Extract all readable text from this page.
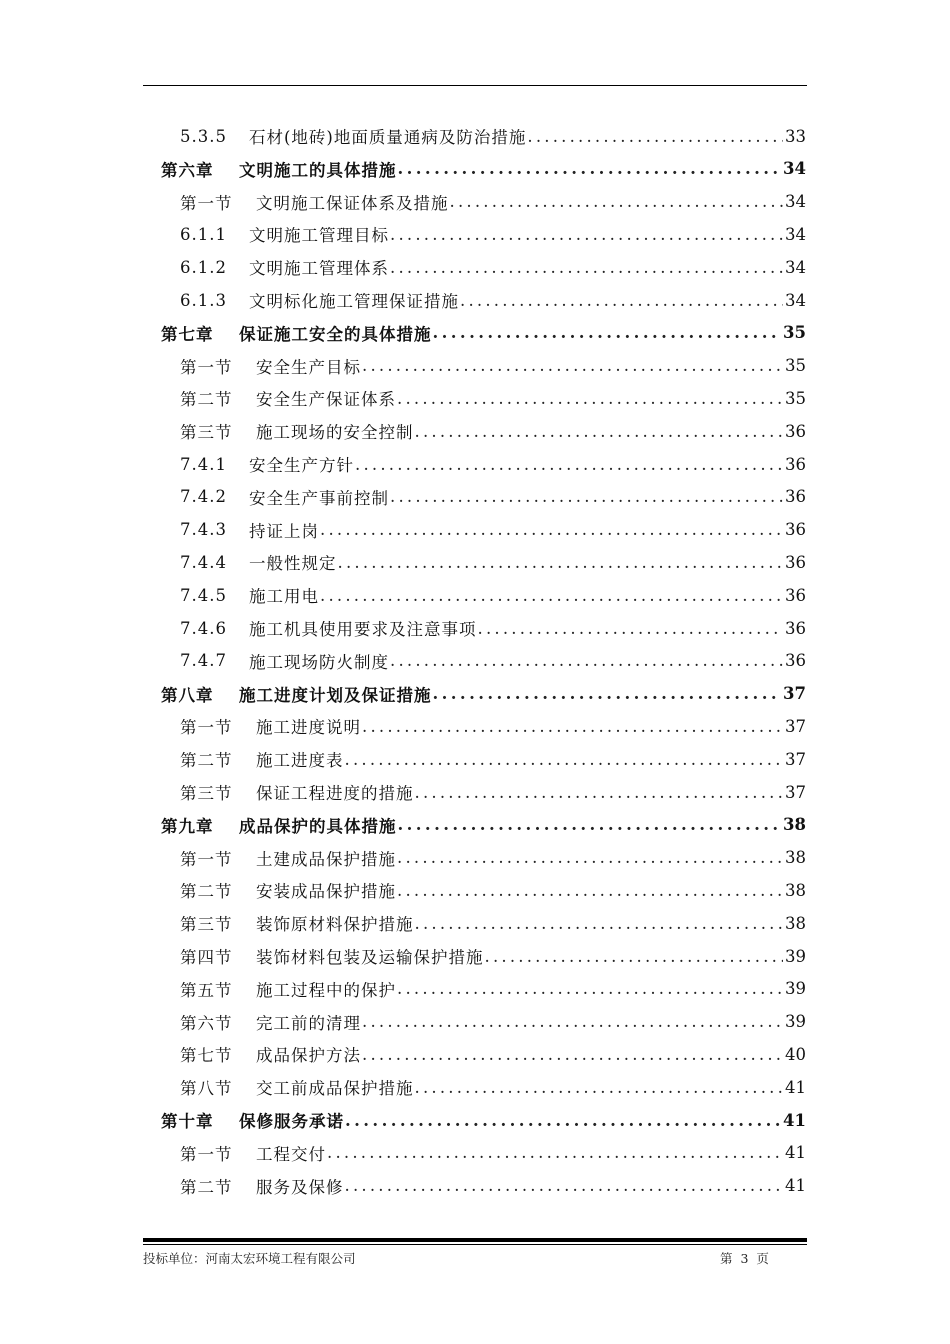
5.3.5	石材(地砖)地面质量通病及防治措施 .....	33
第六章	文明施工的具体措施 .....	34
第一节	文明施工保证体系及措施 .....	34
6.1.1	文明施工管理目标 .....	34
6.1.2	文明施工管理体系 .....	34
6.1.3	文明标化施工管理保证措施 .....	34
第七章	保证施工安全的具体措施 .....	35
第一节	安全生产目标 .....	35
第二节	安全生产保证体系 .....	35
第三节	施工现场的安全控制 .....	36
7.4.1	安全生产方针 .....	36
7.4.2	安全生产事前控制 .....	36
7.4.3	持证上岗 .....	36
7.4.4	一般性规定 .....	36
7.4.5	施工用电 .....	36
7.4.6	施工机具使用要求及注意事项 .....	36
7.4.7	施工现场防火制度 .....	36
第八章	施工进度计划及保证措施 .....	37
第一节	施工进度说明 .....	37
第二节	施工进度表 .....	37
第三节	保证工程进度的措施 .....	37
第九章	成品保护的具体措施 .....	38
第一节	土建成品保护措施 .....	38
第二节	安装成品保护措施 .....	38
第三节	装饰原材料保护措施 .....	38
第四节	装饰材料包装及运输保护措施 .....	39
第五节	施工过程中的保护 .....	39
第六节	完工前的清理 .....	39
第七节	成品保护方法 .....	40
第八节	交工前成品保护措施 .....	41
第十章	保修服务承诺 .....	41
第一节	工程交付 .....	41
第二节	服务及保修 .....	41
投标单位：河南太宏环境工程有限公司	第  3  页
